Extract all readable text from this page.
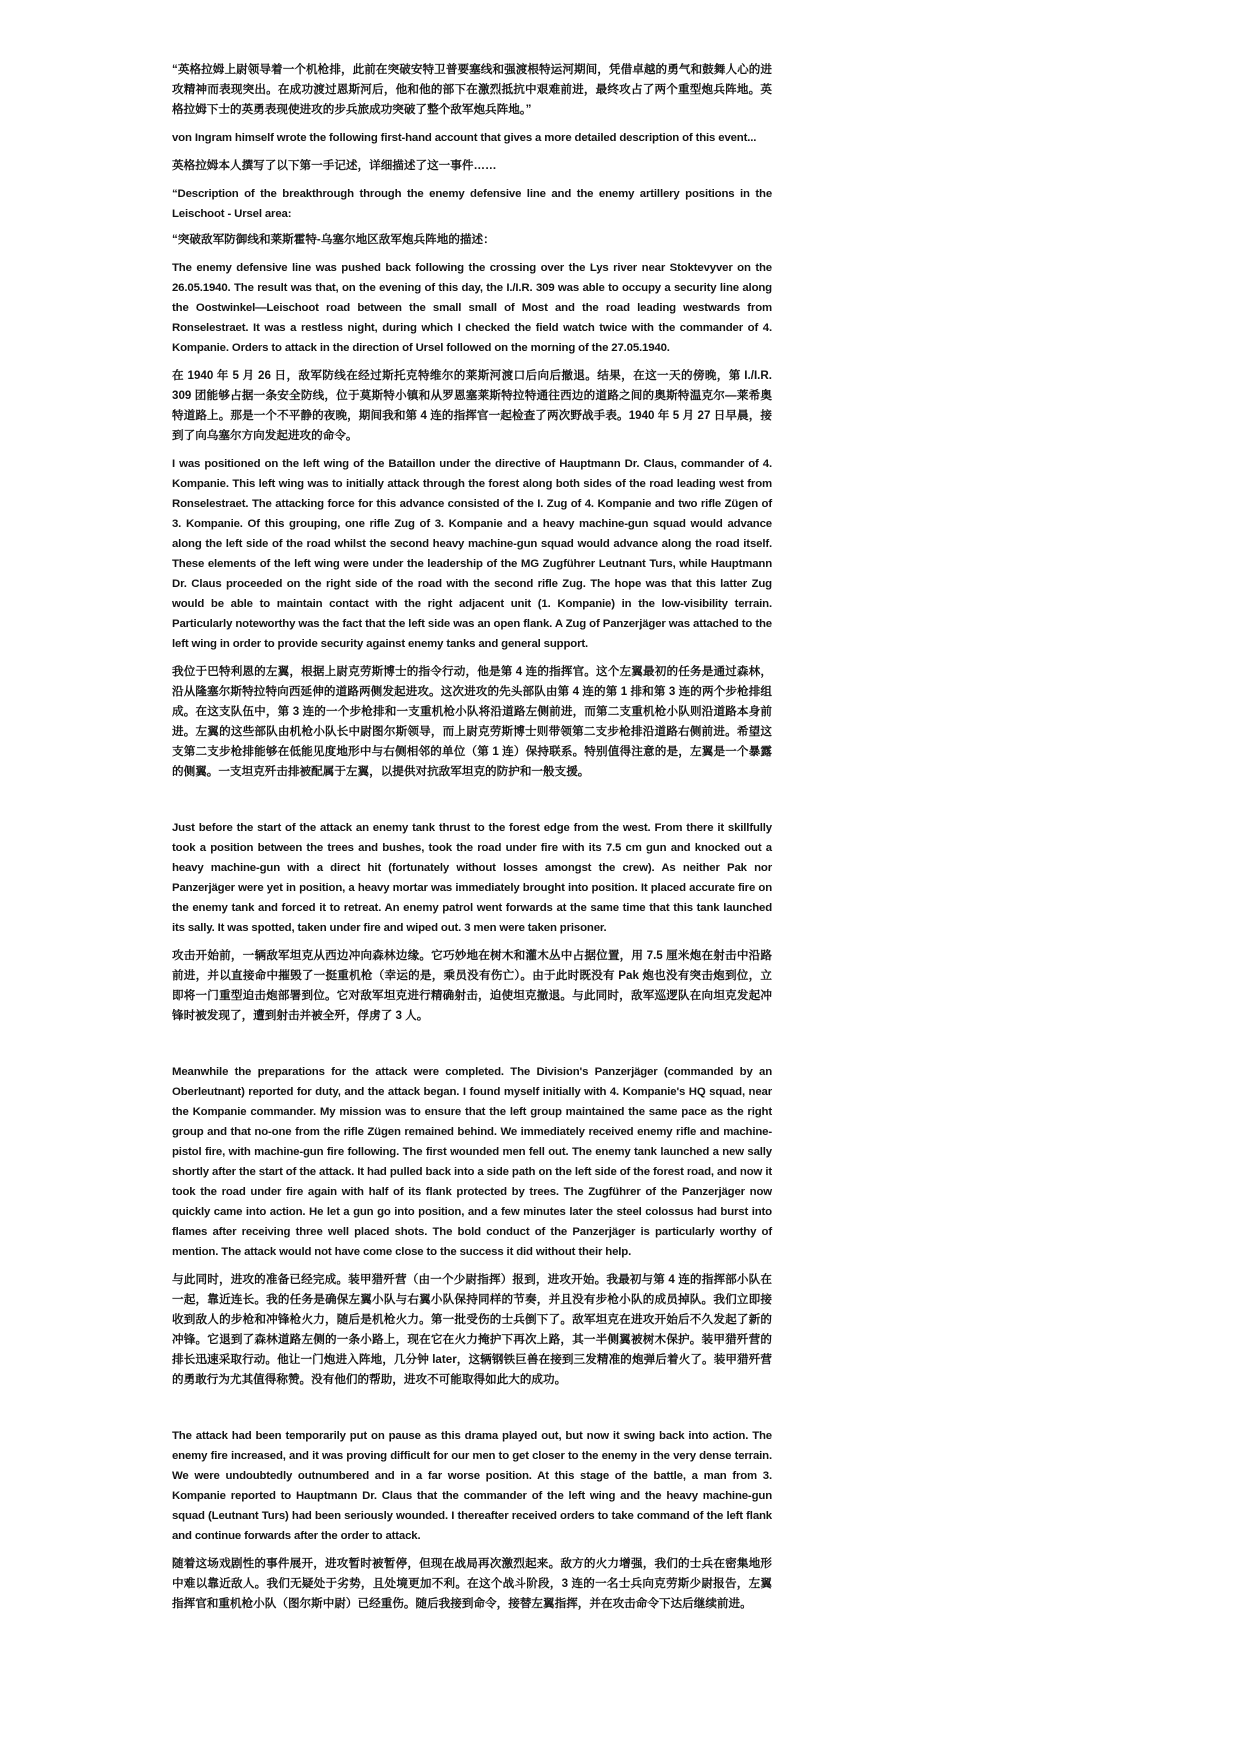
“英格拉姆上尉领导着一个机枪排，此前在突破安特卫普要塞线和强渡根特运河期间，凭借卓越的勇气和鼓舞人心的进攻精神而表现突出。在成功渡过恩斯河后，他和他的部下在激烈抵抗中艰难前进，最终攻占了两个重型炮兵阵地。英格拉姆下士的英勇表现使进攻的步兵旅成功突破了整个敌军炮兵阵地。”

von Ingram himself wrote the following first-hand account that gives a more detailed description of this event...

英格拉姆本人撰写了以下第一手记述，详细描述了这一事件……

“Description of the breakthrough through the enemy defensive line and the enemy artillery positions in the Leischoot - Ursel area:

“突破敌军防御线和莱斯霍特-乌塞尔地区敌军炮兵阵地的描述：

The enemy defensive line was pushed back following the crossing over the Lys river near Stoktevyver on the 26.05.1940. The result was that, on the evening of this day, the I./I.R. 309 was able to occupy a security line along the Oostwinkel—Leischoot road between the small small of Most and the road leading westwards from Ronselestraet. It was a restless night, during which I checked the field watch twice with the commander of 4. Kompanie. Orders to attack in the direction of Ursel followed on the morning of the 27.05.1940.

在 1940 年 5 月 26 日，敌军防线在经过斯托克特维尔的莱斯河渡口后向后撤退。结果，在这一天的傍晚，第 I./I.R. 309 团能够占据一条安全防线，位于莫斯特小镇和从罗恩塞莱斯特拉特通往西边的道路之间的奥斯特温克尔—莱希奥特道路上。那是一个不平静的夜晚，期间我和第 4 连的指挥官一起检查了两次野战手表。1940 年 5 月 27 日早晨，接到了向乌塞尔方向发起进攻的命令。

I was positioned on the left wing of the Bataillon under the directive of Hauptmann Dr. Claus, commander of 4. Kompanie. This left wing was to initially attack through the forest along both sides of the road leading west from Ronselestraet. The attacking force for this advance consisted of the I. Zug of 4. Kompanie and two rifle Zügen of 3. Kompanie. Of this grouping, one rifle Zug of 3. Kompanie and a heavy machine-gun squad would advance along the left side of the road whilst the second heavy machine-gun squad would advance along the road itself. These elements of the left wing were under the leadership of the MG Zugführer Leutnant Turs, while Hauptmann Dr. Claus proceeded on the right side of the road with the second rifle Zug. The hope was that this latter Zug would be able to maintain contact with the right adjacent unit (1. Kompanie) in the low-visibility terrain. Particularly noteworthy was the fact that the left side was an open flank. A Zug of Panzerjäger was attached to the left wing in order to provide security against enemy tanks and general support.

我位于巴特利恩的左翼，根据上尉克劳斯博士的指令行动，他是第 4 连的指挥官。这个左翼最初的任务是通过森林，沿从隆塞尔斯特拉特向西延伸的道路两侧发起进攻。这次进攻的先头部队由第 4 连的第 1 排和第 3 连的两个步枪排组成。在这支队伍中，第 3 连的一个步枪排和一支重机枪小队将沿道路左侧前进，而第二支重机枪小队则沿道路本身前进。左翼的这些部队由机枪小队长中尉图尔斯领导，而上尉克劳斯博士则带领第二支步枪排沿道路右侧前进。希望这支第二支步枪排能够在低能见度地形中与右侧相邻的单位（第 1 连）保持联系。特别值得注意的是，左翼是一个暴露的侧翼。一支坦克歼击排被配属于左翼，以提供对抗敌军坦克的防护和一般支援。

Just before the start of the attack an enemy tank thrust to the forest edge from the west. From there it skillfully took a position between the trees and bushes, took the road under fire with its 7.5 cm gun and knocked out a heavy machine-gun with a direct hit (fortunately without losses amongst the crew). As neither Pak nor Panzerjäger were yet in position, a heavy mortar was immediately brought into position. It placed accurate fire on the enemy tank and forced it to retreat. An enemy patrol went forwards at the same time that this tank launched its sally. It was spotted, taken under fire and wiped out. 3 men were taken prisoner.

攻击开始前，一辆敌军坦克从西边冲向森林边缘。它巧妙地在树木和灌木丛中占据位置，用 7.5 厘米炮在射击中沿路前进，并以直接命中摧毁了一挺重机枪（幸运的是，乘员没有伤亡）。由于此时既没有 Pak 炮也没有突击炮到位，立即将一门重型迫击炮部署到位。它对敌军坦克进行精确射击，迫使坦克撤退。与此同时，敌军巡逻队在向坦克发起冲锋时被发现了，遭到射击并被全歼，俘虏了 3 人。

Meanwhile the preparations for the attack were completed. The Division's Panzerjäger (commanded by an Oberleutnant) reported for duty, and the attack began. I found myself initially with 4. Kompanie's HQ squad, near the Kompanie commander. My mission was to ensure that the left group maintained the same pace as the right group and that no-one from the rifle Zügen remained behind. We immediately received enemy rifle and machine-pistol fire, with machine-gun fire following. The first wounded men fell out. The enemy tank launched a new sally shortly after the start of the attack. It had pulled back into a side path on the left side of the forest road, and now it took the road under fire again with half of its flank protected by trees. The Zugführer of the Panzerjäger now quickly came into action. He let a gun go into position, and a few minutes later the steel colossus had burst into flames after receiving three well placed shots. The bold conduct of the Panzerjäger is particularly worthy of mention. The attack would not have come close to the success it did without their help.

与此同时，进攻的准备已经完成。装甲猎歼营（由一个少尉指挥）报到，进攻开始。我最初与第 4 连的指挥部小队在一起，靠近连长。我的任务是确保左翼小队与右翼小队保持同样的节奏，并且没有步枪小队的成员掉队。我们立即接收到敌人的步枪和冲锋枪火力，随后是机枪火力。第一批受伤的士兵倒下了。敌军坦克在进攻开始后不久发起了新的冲锋。它退到了森林道路左侧的一条小路上，现在它在火力掩护下再次上路，其一半侧翼被树木保护。装甲猎歼营的排长迅速采取行动。他让一门炮进入阵地，几分钟 later，这辆钢铁巨兽在接到三发精准的炮弹后着火了。装甲猎歼营的勇敢行为尤其值得称赞。没有他们的帮助，进攻不可能取得如此大的成功。

The attack had been temporarily put on pause as this drama played out, but now it swing back into action. The enemy fire increased, and it was proving difficult for our men to get closer to the enemy in the very dense terrain. We were undoubtedly outnumbered and in a far worse position. At this stage of the battle, a man from 3. Kompanie reported to Hauptmann Dr. Claus that the commander of the left wing and the heavy machine-gun squad (Leutnant Turs) had been seriously wounded. I thereafter received orders to take command of the left flank and continue forwards after the order to attack.

随着这场戏剧性的事件展开，进攻暂时被暂停，但现在战局再次激烈起来。敌方的火力增强，我们的士兵在密集地形中难以靠近敌人。我们无疑处于劣势，且处境更加不利。在这个战斗阶段，3 连的一名士兵向克劳斯少尉报告，左翼指挥官和重机枪小队（图尔斯中尉）已经重伤。随后我接到命令，接替左翼指挥，并在攻击命令下达后继续前进。
